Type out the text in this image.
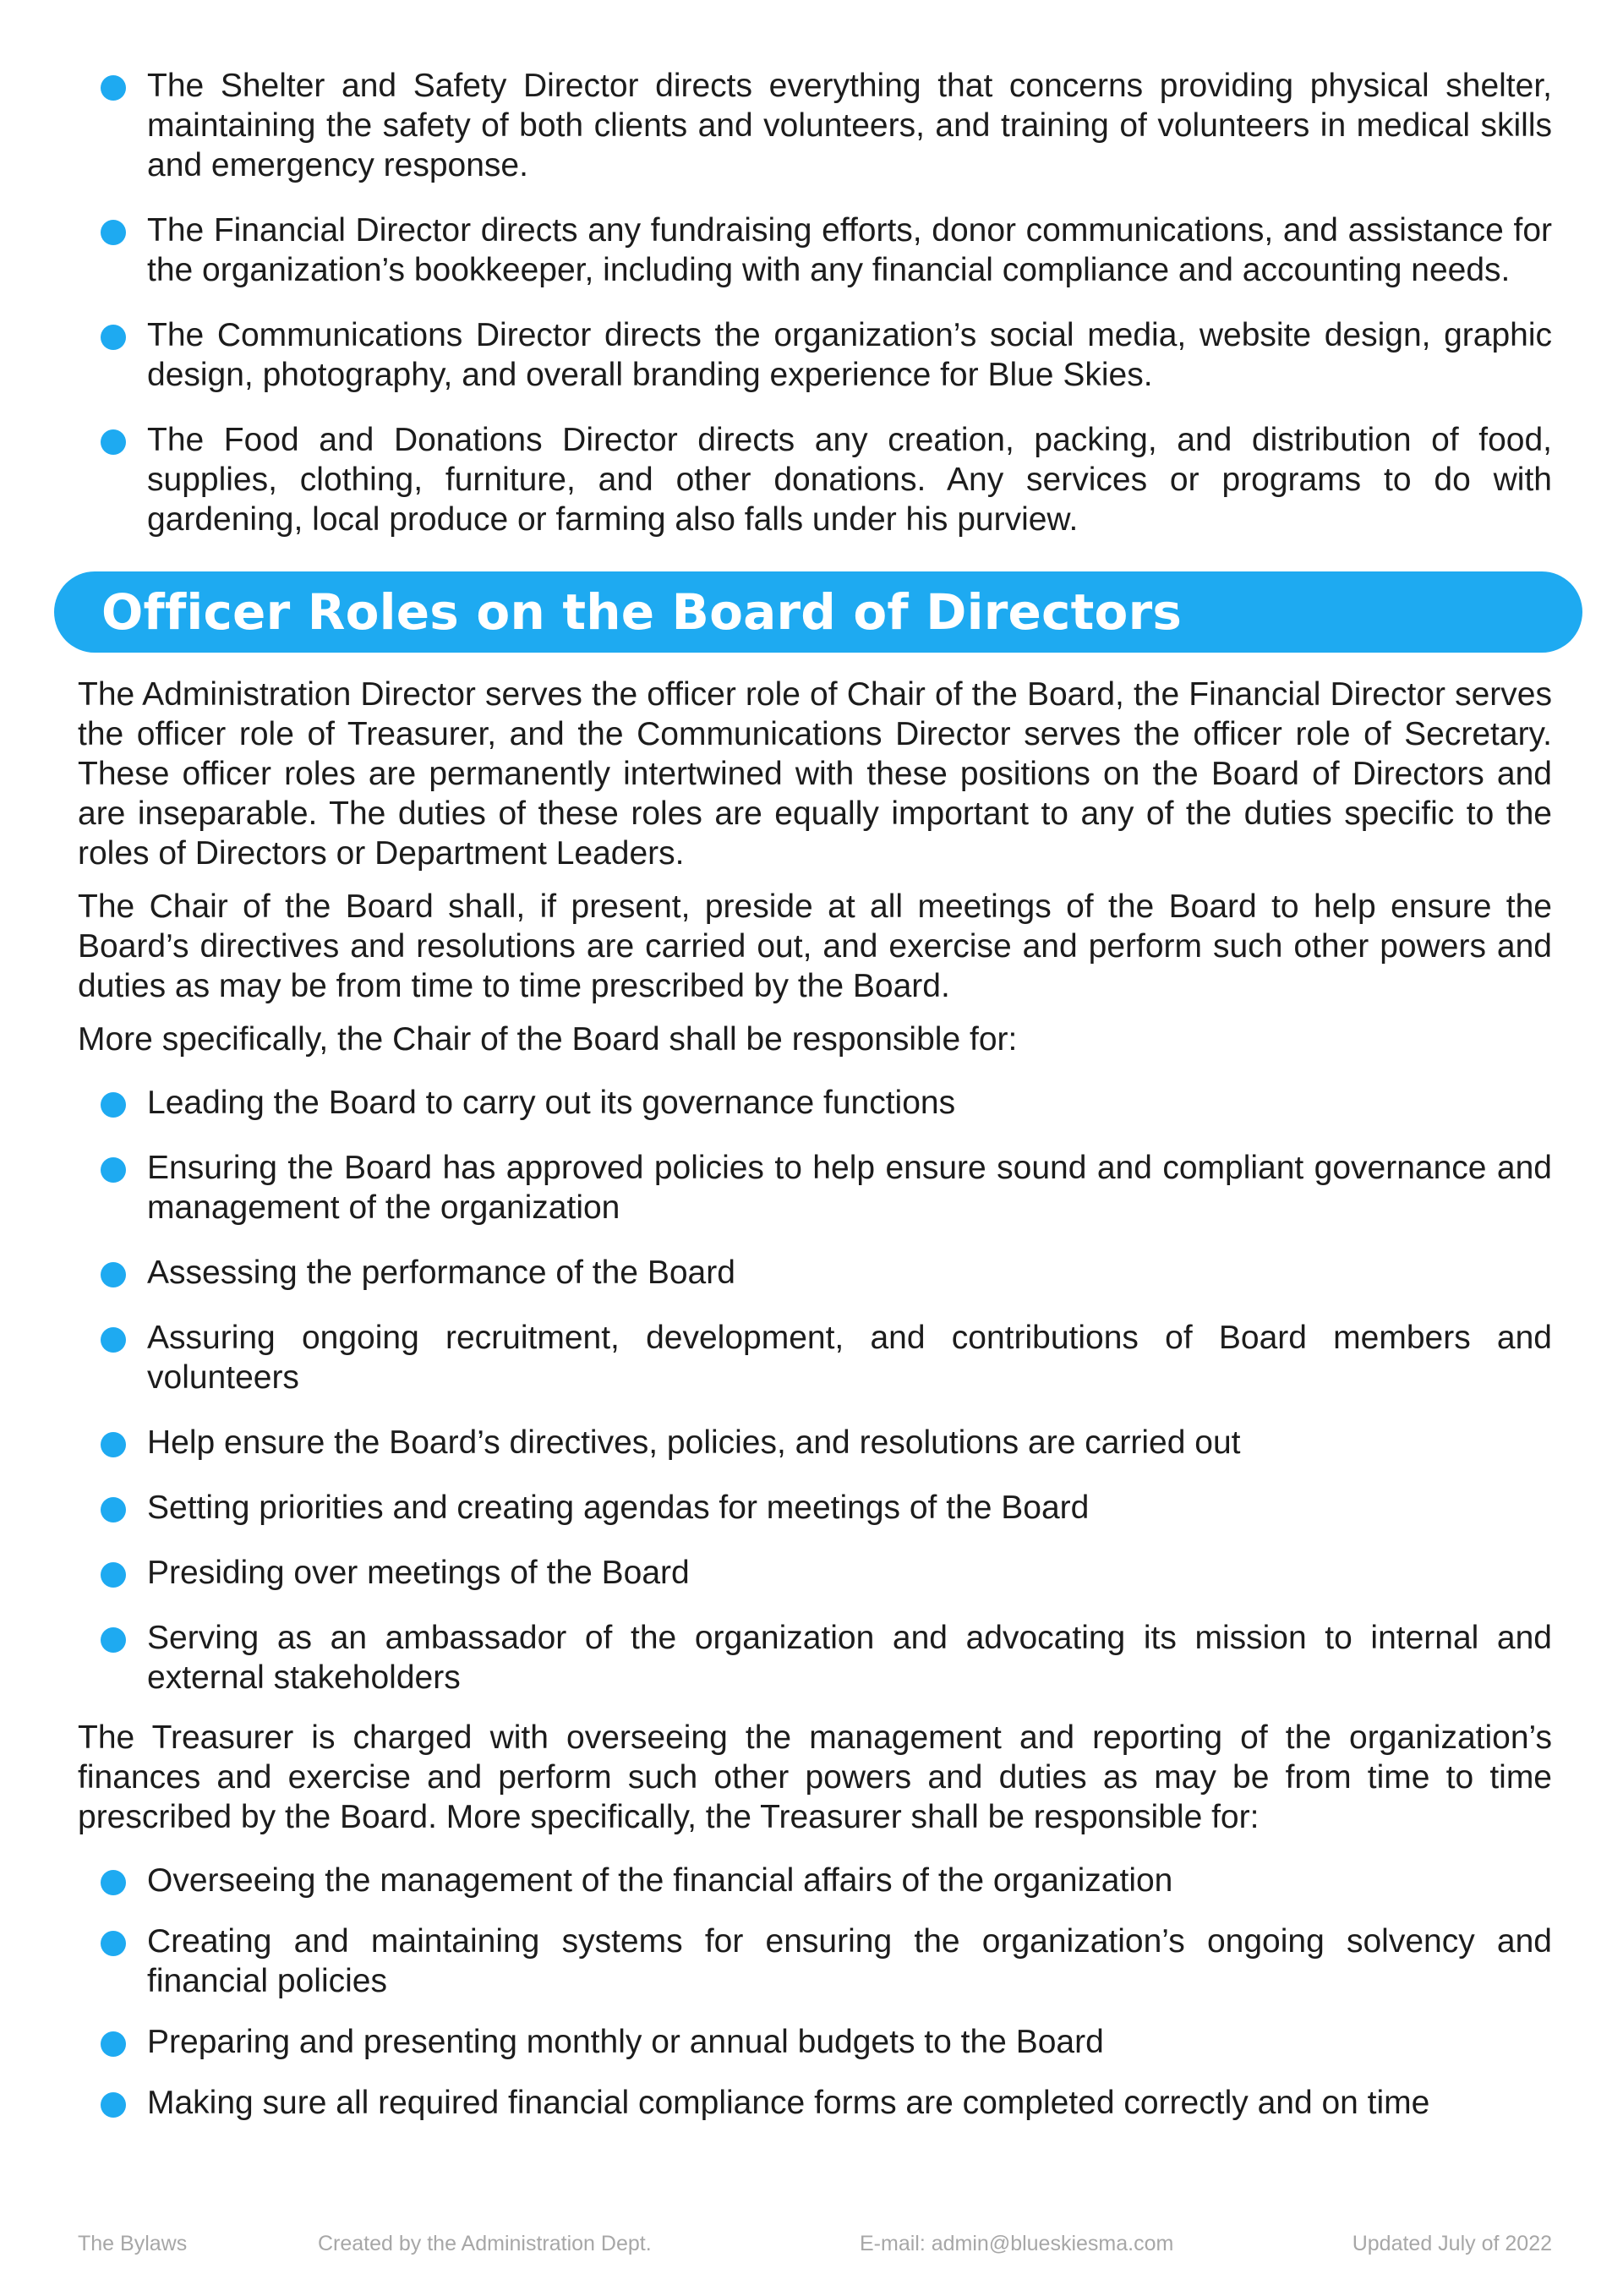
The Shelter and Safety Director directs everything that concerns providing physical shelter, maintaining the safety of both clients and volunteers, and training of volunteers in medical skills and emergency response.
The Financial Director directs any fundraising efforts, donor communications, and assistance for the organization’s bookkeeper, including with any financial compliance and accounting needs.
The Communications Director directs the organization’s social media, website design, graphic design, photography, and overall branding experience for Blue Skies.
The Food and Donations Director directs any creation, packing, and distribution of food, supplies, clothing, furniture, and other donations. Any services or programs to do with gardening, local produce or farming also falls under his purview.
Officer Roles on the Board of Directors

The Administration Director serves the officer role of Chair of the Board, the Financial Director serves the officer role of Treasurer, and the Communications Director serves the officer role of Secretary. These officer roles are permanently intertwined with these positions on the Board of Directors and are inseparable. The duties of these roles are equally important to any of the duties specific to the roles of Directors or Department Leaders.

The Chair of the Board shall, if present, preside at all meetings of the Board to help ensure the Board’s directives and resolutions are carried out, and exercise and perform such other powers and duties as may be from time to time prescribed by the Board.

More specifically, the Chair of the Board shall be responsible for:

Leading the Board to carry out its governance functions
Ensuring the Board has approved policies to help ensure sound and compliant governance and management of the organization
Assessing the performance of the Board
Assuring ongoing recruitment, development, and contributions of Board members and volunteers
Help ensure the Board’s directives, policies, and resolutions are carried out
Setting priorities and creating agendas for meetings of the Board
Presiding over meetings of the Board
Serving as an ambassador of the organization and advocating its mission to internal and external stakeholders

The Treasurer is charged with overseeing the management and reporting of the organization’s finances and exercise and perform such other powers and duties as may be from time to time prescribed by the Board. More specifically, the Treasurer shall be responsible for:

Overseeing the management of the financial affairs of the organization
Creating and maintaining systems for ensuring the organization’s ongoing solvency and financial policies
Preparing and presenting monthly or annual budgets to the Board
Making sure all required financial compliance forms are completed correctly and on time
The Bylaws	Created by the Administration Dept.	E-mail: admin@blueskiesma.com	Updated July of 2022
